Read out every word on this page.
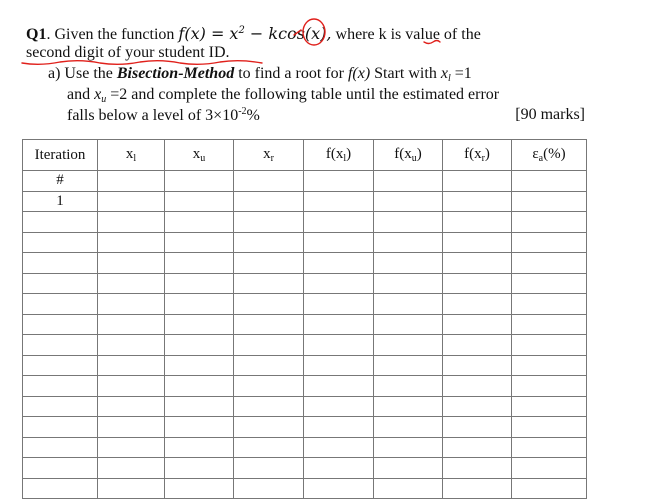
Q1. Given the function $f(x) = x^2 - kcos(x)$, where k is value of the
second digit of your student ID.
a) Use the Bisection-Method to find a root for f(x) Start with $x_l =1$
and $x_u =2$ and complete the following table until the estimated error
falls below a level of $3\times 10^{-2}\%$	[90 marks]
Iteration	$x_l$	$x_u$	$x_r$	$f(x_l)$	$f(x_u)$	$f(x_r)$	$\varepsilon_a(\%)$
#							
1							
